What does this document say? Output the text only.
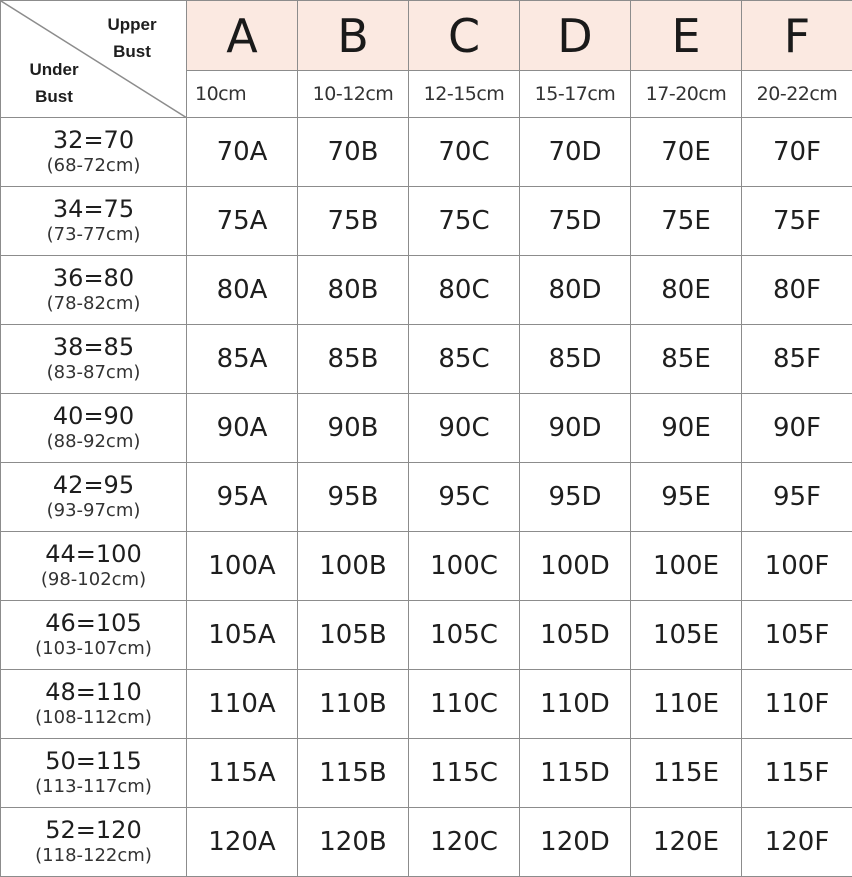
Upper
Bust
Under
Bust	A	B	C	D	E	F
	10cm	10-12cm	12-15cm	15-17cm	17-20cm	20-22cm

32=70
(68-72cm)	70A	70B	70C	70D	70E	70F

34=75
(73-77cm)	75A	75B	75C	75D	75E	75F

36=80
(78-82cm)	80A	80B	80C	80D	80E	80F

38=85
(83-87cm)	85A	85B	85C	85D	85E	85F

40=90
(88-92cm)	90A	90B	90C	90D	90E	90F

42=95
(93-97cm)	95A	95B	95C	95D	95E	95F

44=100
(98-102cm)	100A	100B	100C	100D	100E	100F

46=105
(103-107cm)	105A	105B	105C	105D	105E	105F

48=110
(108-112cm)	110A	110B	110C	110D	110E	110F

50=115
(113-117cm)	115A	115B	115C	115D	115E	115F

52=120
(118-122cm)	120A	120B	120C	120D	120E	120F
